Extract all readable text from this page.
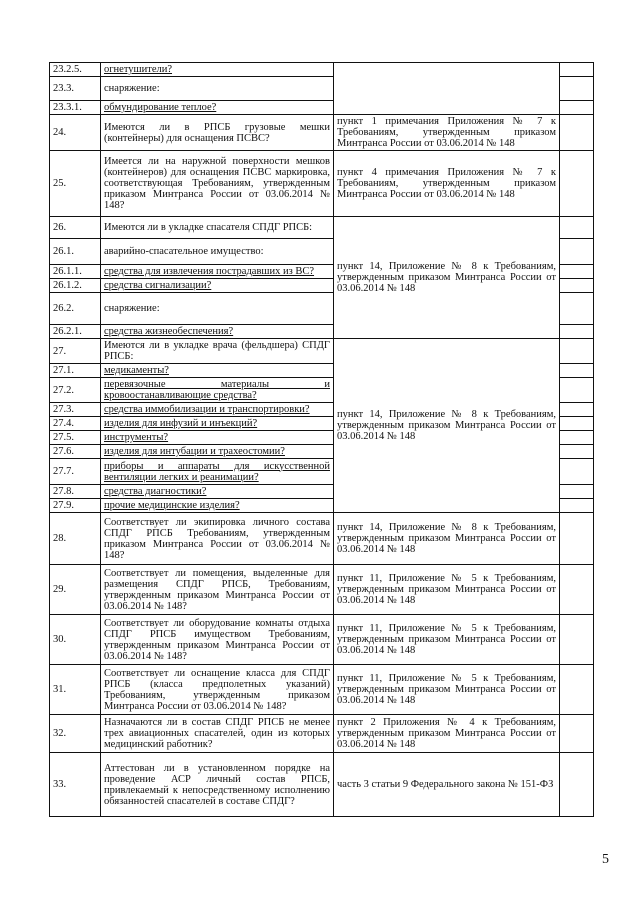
23.2.5.	огнетушители?		
23.3.	снаряжение:		
23.3.1.	обмундирование теплое?		
24.	Имеются ли в РПСБ грузовые мешки (контейнеры) для оснащения ПСВС?	пункт 1 примечания Приложения № 7 к Требованиям, утвержденным приказом Минтранса России от 03.06.2014 № 148	
25.	Имеется ли на наружной поверхности мешков (контейнеров) для оснащения ПСВС маркировка, соответствующая Требованиям, утвержденным приказом Минтранса России от 03.06.2014 № 148?	пункт 4 примечания Приложения № 7 к Требованиям, утвержденным приказом Минтранса России от 03.06.2014 № 148	
26.	Имеются ли в укладке спасателя СПДГ РПСБ:	пункт 14, Приложение № 8 к Требованиям, утвержденным приказом Минтранса России от 03.06.2014 № 148	
26.1.	аварийно-спасательное имущество:		
26.1.1.	средства для извлечения пострадавших из ВС?		
26.1.2.	средства сигнализации?		
26.2.	снаряжение:		
26.2.1.	средства жизнеобеспечения?		
27.	Имеются ли в укладке врача (фельдшера) СПДГ РПСБ:	пункт 14, Приложение № 8 к Требованиям, утвержденным приказом Минтранса России от 03.06.2014 № 148	
27.1.	медикаменты?		
27.2.	перевязочные материалы и кровоостанавливающие средства?		
27.3.	средства иммобилизации и транспортировки?		
27.4.	изделия для инфузий и инъекций?		
27.5.	инструменты?		
27.6.	изделия для интубации и трахеостомии?		
27.7.	приборы и аппараты для искусственной вентиляции легких и реанимации?		
27.8.	средства диагностики?		
27.9.	прочие медицинские изделия?		
28.	Соответствует ли экипировка личного состава СПДГ РПСБ Требованиям, утвержденным приказом Минтранса России от 03.06.2014 № 148?	пункт 14, Приложение № 8 к Требованиям, утвержденным приказом Минтранса России от 03.06.2014 № 148	
29.	Соответствует ли помещения, выделенные для размещения СПДГ РПСБ, Требованиям, утвержденным приказом Минтранса России от 03.06.2014 № 148?	пункт 11, Приложение № 5 к Требованиям, утвержденным приказом Минтранса России от 03.06.2014 № 148	
30.	Соответствует ли оборудование комнаты отдыха СПДГ РПСБ имуществом Требованиям, утвержденным приказом Минтранса России от 03.06.2014 № 148?	пункт 11, Приложение № 5 к Требованиям, утвержденным приказом Минтранса России от 03.06.2014 № 148	
31.	Соответствует ли оснащение класса для СПДГ РПСБ (класса предполетных указаний) Требованиям, утвержденным приказом Минтранса России от 03.06.2014 № 148?	пункт 11, Приложение № 5 к Требованиям, утвержденным приказом Минтранса России от 03.06.2014 № 148	
32.	Назначаются ли в состав СПДГ РПСБ не менее трех авиационных спасателей, один из которых медицинский работник?	пункт 2 Приложения № 4 к Требованиям, утвержденным приказом Минтранса России от 03.06.2014 № 148	
33.	Аттестован ли в установленном порядке на проведение АСР личный состав РПСБ, привлекаемый к непосредственному исполнению обязанностей спасателей в составе СПДГ?	часть 3 статьи 9 Федерального закона № 151-ФЗ	
5
